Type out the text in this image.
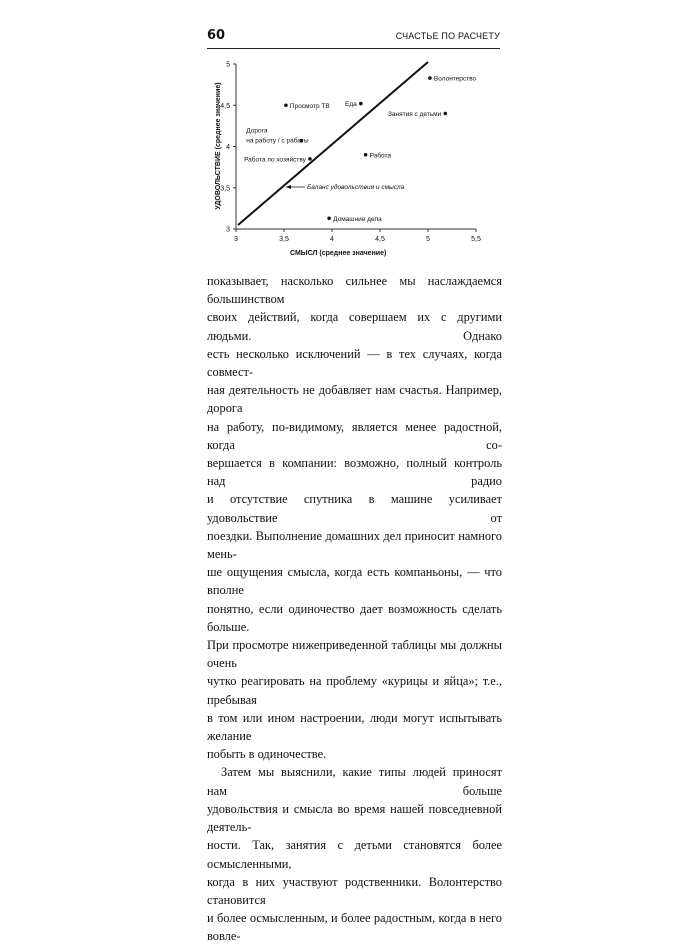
60	СЧАСТЬЕ ПО РАСЧЕТУ
3
3,5
4
4,5
5
3	3,5	4	4,5	5	5,5
УДОВОЛЬСТВИЕ (среднее значение)
СМЫСЛ (среднее значение)
Баланс удовольствия и смысла
Волонтерство
Просмотр ТВ Еда
Занятия с детьми
Дорога
на работу / с работы
Работа по хозяйству
Работа
Домашние дела

показывает, насколько сильнее мы наслаждаемся большинством

своих действий, когда совершаем их с другими людьми. Однако

есть несколько исключений — в тех случаях, когда совмест-

ная деятельность не добавляет нам счастья. Например, дорога

на работу, по-видимому, является менее радостной, когда со-

вершается в компании: возможно, полный контроль над радио

и отсутствие спутника в машине усиливает удовольствие от

поездки. Выполнение домашних дел приносит намного мень-

ше ощущения смысла, когда есть компаньоны, — что вполне

понятно, если одиночество дает возможность сделать больше.

При просмотре нижеприведенной таблицы мы должны очень

чутко реагировать на проблему «курицы и яйца»; т.е., пребывая

в том или ином настроении, люди могут испытывать желание

побыть в одиночестве.

Затем мы выяснили, какие типы людей приносят нам больше

удовольствия и смысла во время нашей повседневной деятель-

ности. Так, занятия с детьми становятся более осмысленными,

когда в них участвуют родственники. Волонтерство становится

и более осмысленным, и более радостным, когда в него вовле-
